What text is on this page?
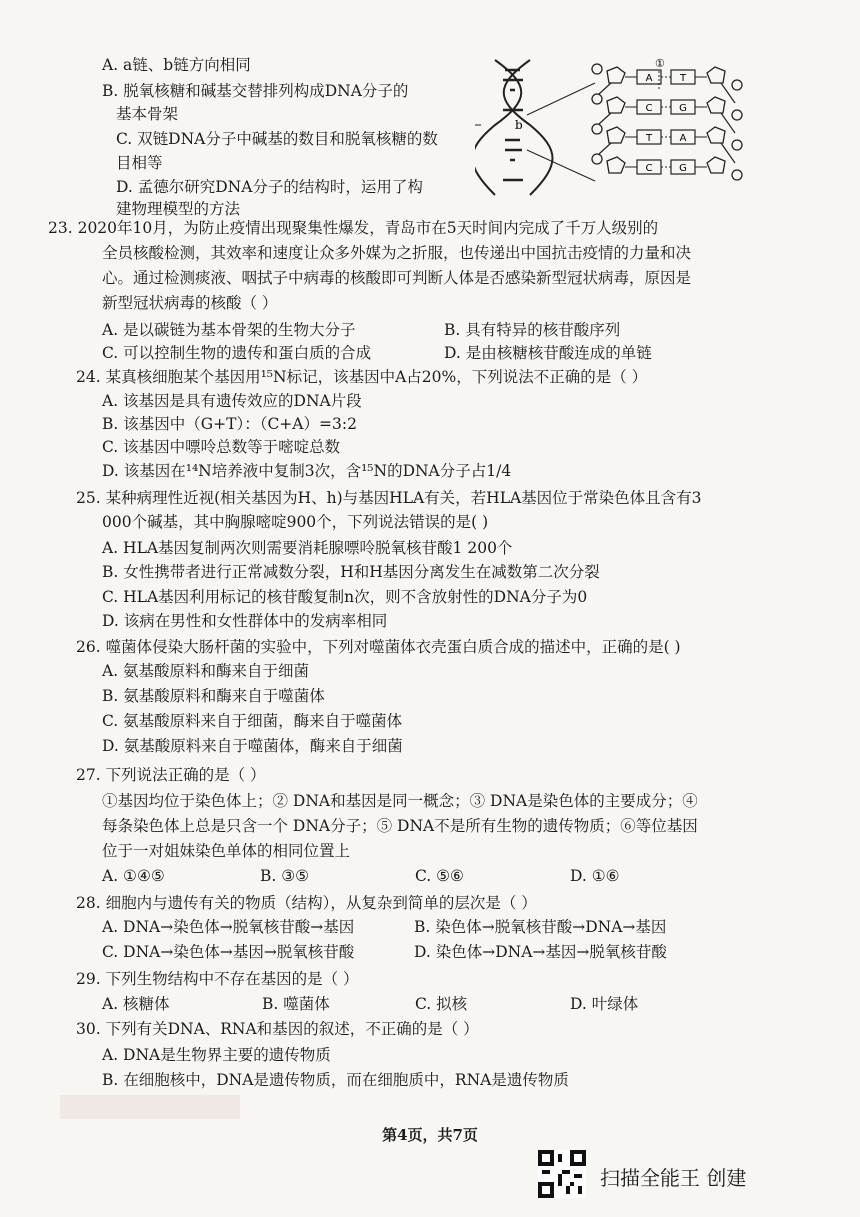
A. a链、b链方向相同
B. 脱氧核糖和碱基交替排列构成DNA分子的
基本骨架
C. 双链DNA分子中碱基的数目和脱氧核糖的数
目相等
D. 孟德尔研究DNA分子的结构时，运用了构
建物理模型的方法
b
①
A	T
C	G
T	A
C	G
23. 2020年10月，为防止疫情出现聚集性爆发，青岛市在5天时间内完成了千万人级别的
全员核酸检测，其效率和速度让众多外媒为之折服，也传递出中国抗击疫情的力量和决
心。通过检测痰液、咽拭子中病毒的核酸即可判断人体是否感染新型冠状病毒，原因是
新型冠状病毒的核酸（ ）
A. 是以碳链为基本骨架的生物大分子	B. 具有特异的核苷酸序列
C. 可以控制生物的遗传和蛋白质的合成	D. 是由核糖核苷酸连成的单链
24. 某真核细胞某个基因用¹⁵N标记，该基因中A占20%，下列说法不正确的是（ ）
A. 该基因是具有遗传效应的DNA片段
B. 该基因中（G+T）：（C+A）=3:2
C. 该基因中嘌呤总数等于嘧啶总数
D. 该基因在¹⁴N培养液中复制3次，含¹⁵N的DNA分子占1/4
25. 某种病理性近视(相关基因为H、h)与基因HLA有关，若HLA基因位于常染色体且含有3
000个碱基，其中胸腺嘧啶900个，下列说法错误的是( )
A. HLA基因复制两次则需要消耗腺嘌呤脱氧核苷酸1 200个
B. 女性携带者进行正常减数分裂，H和H基因分离发生在减数第二次分裂
C. HLA基因利用标记的核苷酸复制n次，则不含放射性的DNA分子为0
D. 该病在男性和女性群体中的发病率相同
26. 噬菌体侵染大肠杆菌的实验中，下列对噬菌体衣壳蛋白质合成的描述中，正确的是( )
A. 氨基酸原料和酶来自于细菌
B. 氨基酸原料和酶来自于噬菌体
C. 氨基酸原料来自于细菌，酶来自于噬菌体
D. 氨基酸原料来自于噬菌体，酶来自于细菌
27. 下列说法正确的是（ ）
①基因均位于染色体上；② DNA和基因是同一概念；③ DNA是染色体的主要成分；④
每条染色体上总是只含一个 DNA分子；⑤ DNA不是所有生物的遗传物质；⑥等位基因
位于一对姐妹染色单体的相同位置上
A. ①④⑤	B. ③⑤	C. ⑤⑥	D. ①⑥
28. 细胞内与遗传有关的物质（结构），从复杂到简单的层次是（ ）
A. DNA→染色体→脱氧核苷酸→基因	B. 染色体→脱氧核苷酸→DNA→基因
C. DNA→染色体→基因→脱氧核苷酸	D. 染色体→DNA→基因→脱氧核苷酸
29. 下列生物结构中不存在基因的是（ ）
A. 核糖体	B. 噬菌体	C. 拟核	D. 叶绿体
30. 下列有关DNA、RNA和基因的叙述，不正确的是（ ）
A. DNA是生物界主要的遗传物质
B. 在细胞核中，DNA是遗传物质，而在细胞质中，RNA是遗传物质
第4页，共7页
扫描全能王 创建
